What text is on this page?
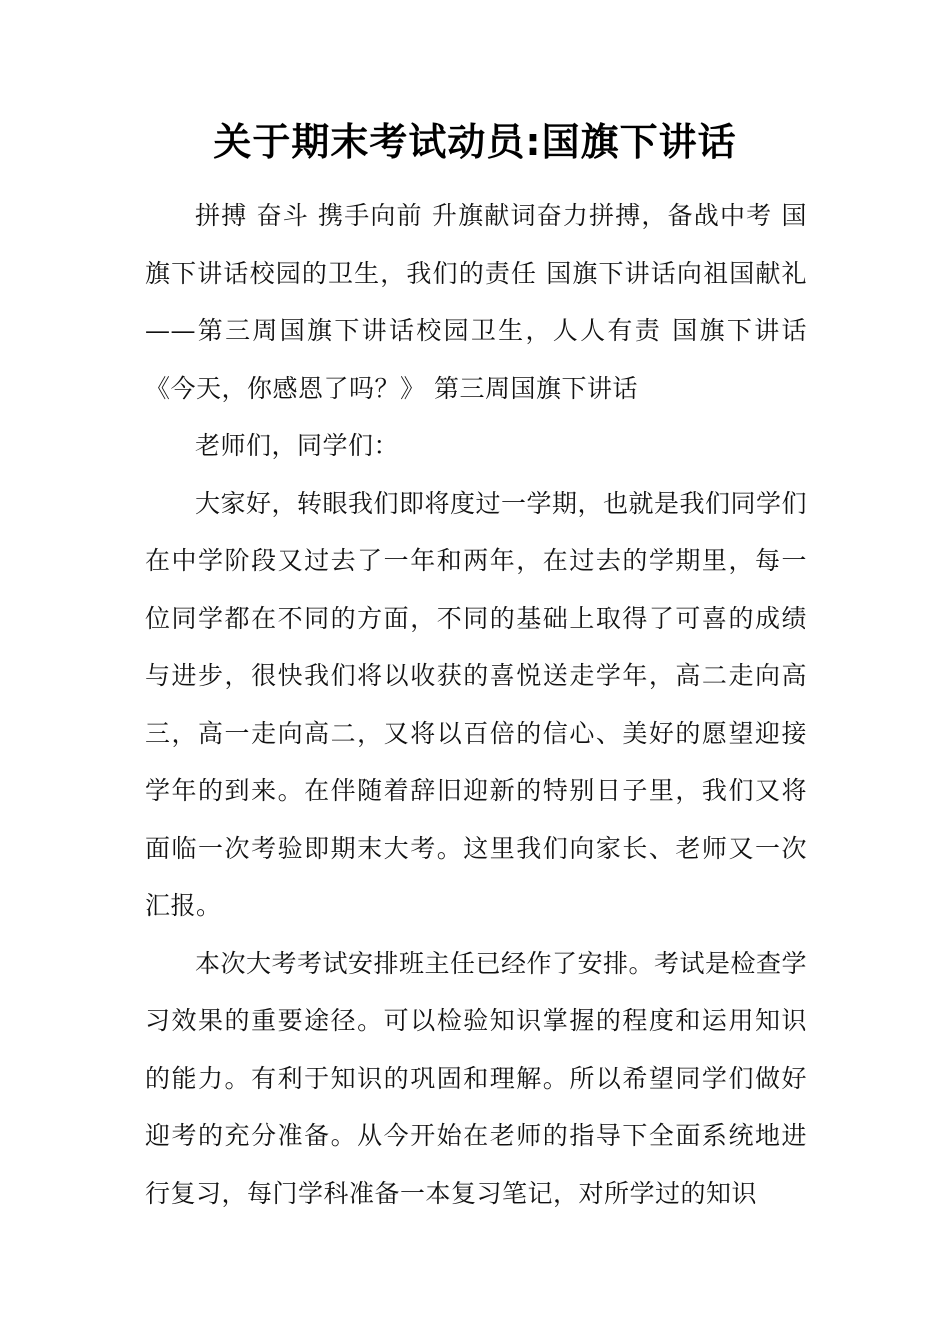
关于期末考试动员:国旗下讲话

拼搏 奋斗 携手向前 升旗献词奋力拼搏，备战中考 国旗下讲话校园的卫生，我们的责任 国旗下讲话向祖国献礼——第三周国旗下讲话校园卫生，人人有责 国旗下讲话《今天，你感恩了吗？》 第三周国旗下讲话

老师们，同学们：

大家好，转眼我们即将度过一学期，也就是我们同学们在中学阶段又过去了一年和两年，在过去的学期里，每一位同学都在不同的方面，不同的基础上取得了可喜的成绩与进步，很快我们将以收获的喜悦送走学年，高二走向高三，高一走向高二，又将以百倍的信心、美好的愿望迎接学年的到来。在伴随着辞旧迎新的特别日子里，我们又将面临一次考验即期末大考。这里我们向家长、老师又一次汇报。

本次大考考试安排班主任已经作了安排。考试是检查学习效果的重要途径。可以检验知识掌握的程度和运用知识的能力。有利于知识的巩固和理解。所以希望同学们做好迎考的充分准备。从今开始在老师的指导下全面系统地进行复习，每门学科准备一本复习笔记，对所学过的知识
